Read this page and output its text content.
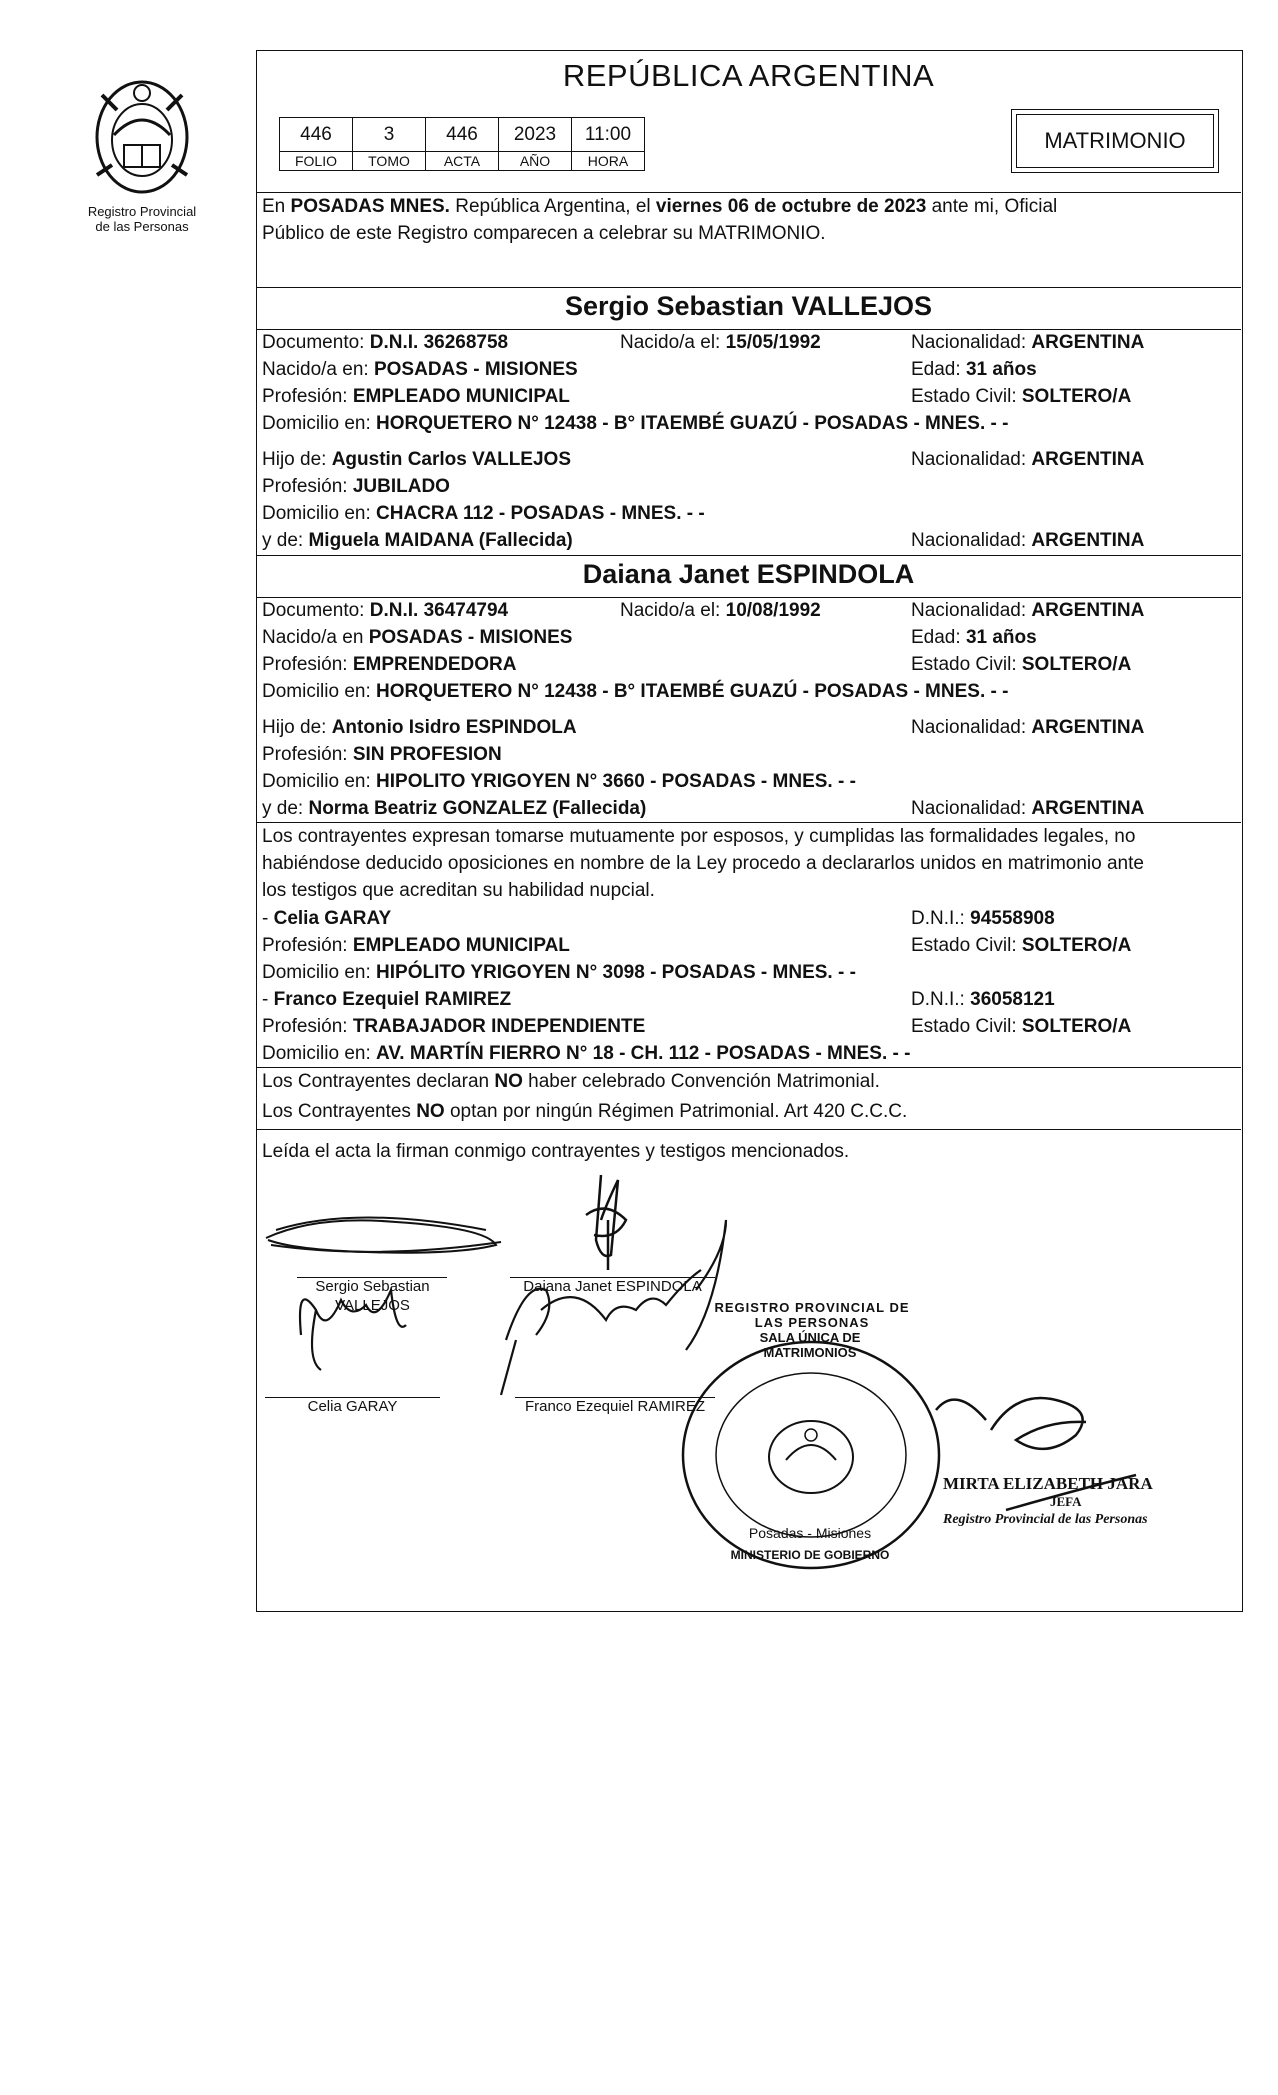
Registro Provincial
de las Personas
REPÚBLICA ARGENTINA
446	3	446	2023	11:00
FOLIO	TOMO	ACTA	AÑO	HORA
MATRIMONIO
En POSADAS MNES. República Argentina, el viernes 06 de octubre de 2023 ante mi, Oficial
Público de este Registro comparecen a celebrar su MATRIMONIO.
Sergio Sebastian VALLEJOS
Documento: D.N.I. 36268758	Nacido/a el: 15/05/1992	Nacionalidad: ARGENTINA
Nacido/a en: POSADAS - MISIONES	Edad: 31 años
Profesión: EMPLEADO MUNICIPAL	Estado Civil: SOLTERO/A
Domicilio en: HORQUETERO N° 12438 - B° ITAEMBÉ GUAZÚ - POSADAS - MNES. - -
Hijo de: Agustin Carlos VALLEJOS	Nacionalidad: ARGENTINA
Profesión: JUBILADO
Domicilio en: CHACRA 112 - POSADAS - MNES. - -
y de: Miguela MAIDANA (Fallecida)	Nacionalidad: ARGENTINA
Daiana Janet ESPINDOLA
Documento: D.N.I. 36474794	Nacido/a el: 10/08/1992	Nacionalidad: ARGENTINA
Nacido/a en POSADAS - MISIONES	Edad: 31 años
Profesión: EMPRENDEDORA	Estado Civil: SOLTERO/A
Domicilio en: HORQUETERO N° 12438 - B° ITAEMBÉ GUAZÚ - POSADAS - MNES. - -
Hijo de: Antonio Isidro ESPINDOLA	Nacionalidad: ARGENTINA
Profesión: SIN PROFESION
Domicilio en: HIPOLITO YRIGOYEN N° 3660 - POSADAS - MNES. - -
y de: Norma Beatriz GONZALEZ (Fallecida)	Nacionalidad: ARGENTINA
Los contrayentes expresan tomarse mutuamente por esposos, y cumplidas las formalidades legales, no
habiéndose deducido oposiciones en nombre de la Ley procedo a declararlos unidos en matrimonio ante
los testigos que acreditan su habilidad nupcial.
- Celia GARAY	D.N.I.: 94558908
Profesión: EMPLEADO MUNICIPAL	Estado Civil: SOLTERO/A
Domicilio en: HIPÓLITO YRIGOYEN N° 3098 - POSADAS - MNES. - -
- Franco Ezequiel RAMIREZ	D.N.I.: 36058121
Profesión: TRABAJADOR INDEPENDIENTE	Estado Civil: SOLTERO/A
Domicilio en: AV. MARTÍN FIERRO N° 18 - CH. 112 - POSADAS - MNES. - -
Los Contrayentes declaran NO haber celebrado Convención Matrimonial.
Los Contrayentes NO optan por ningún Régimen Patrimonial. Art 420 C.C.C.
Leída el acta la firman conmigo contrayentes y testigos mencionados.
Sergio Sebastian
VALLEJOS
Daiana Janet ESPINDOLA
Celia GARAY	Franco Ezequiel RAMIREZ
SALA ÚNICA DE MATRIMONIOS
REGISTRO PROVINCIAL DE LAS PERSONAS
Posadas - Misiones
MINISTERIO DE GOBIERNO
MIRTA ELIZABETH JARA
JEFA
Registro Provincial de las Personas
